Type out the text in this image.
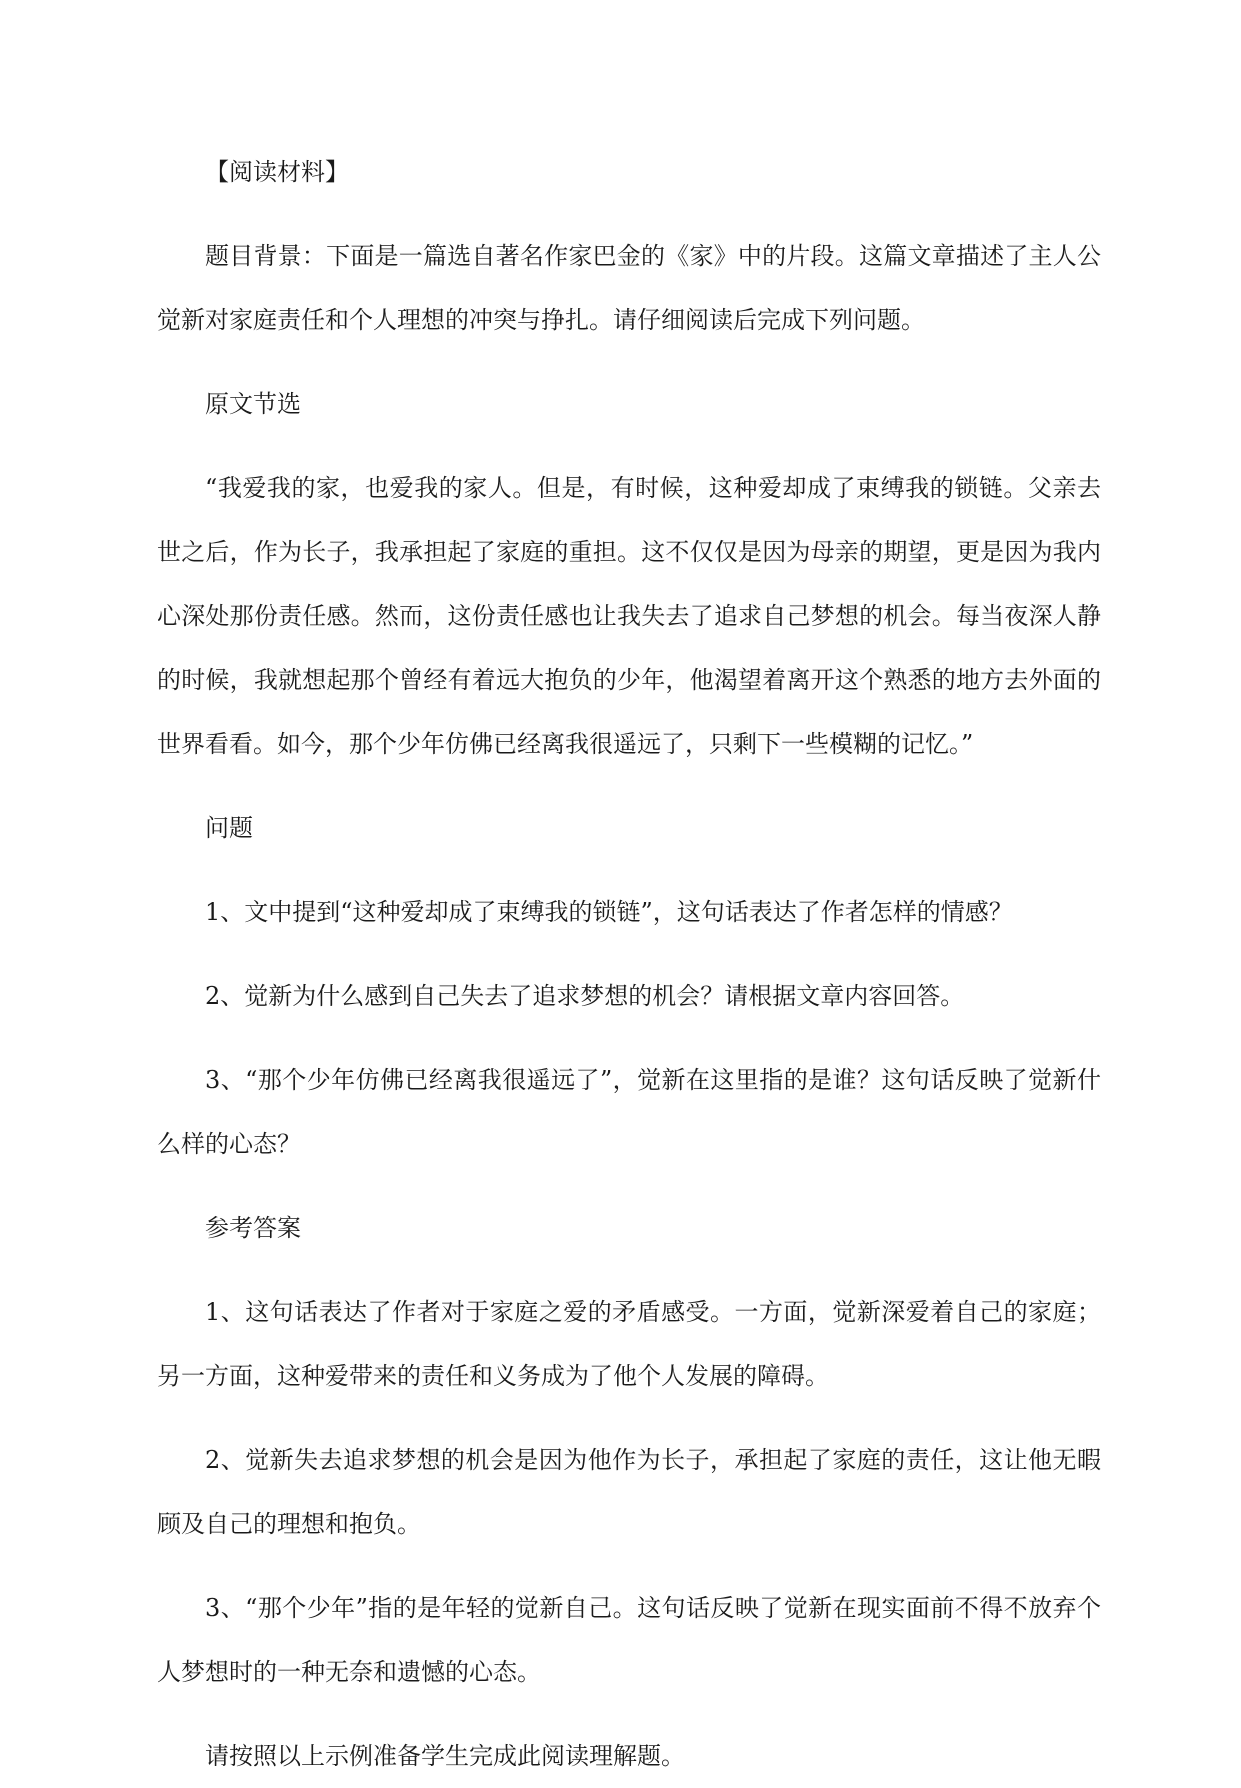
【阅读材料】

题目背景：下面是一篇选自著名作家巴金的《家》中的片段。这篇文章描述了主人公觉新对家庭责任和个人理想的冲突与挣扎。请仔细阅读后完成下列问题。

原文节选

“我爱我的家，也爱我的家人。但是，有时候，这种爱却成了束缚我的锁链。父亲去世之后，作为长子，我承担起了家庭的重担。这不仅仅是因为母亲的期望，更是因为我内心深处那份责任感。然而，这份责任感也让我失去了追求自己梦想的机会。每当夜深人静的时候，我就想起那个曾经有着远大抱负的少年，他渴望着离开这个熟悉的地方去外面的世界看看。如今，那个少年仿佛已经离我很遥远了，只剩下一些模糊的记忆。”

问题

1、文中提到“这种爱却成了束缚我的锁链”，这句话表达了作者怎样的情感？

2、觉新为什么感到自己失去了追求梦想的机会？请根据文章内容回答。

3、“那个少年仿佛已经离我很遥远了”，觉新在这里指的是谁？这句话反映了觉新什么样的心态？

参考答案

1、这句话表达了作者对于家庭之爱的矛盾感受。一方面，觉新深爱着自己的家庭；另一方面，这种爱带来的责任和义务成为了他个人发展的障碍。

2、觉新失去追求梦想的机会是因为他作为长子，承担起了家庭的责任，这让他无暇顾及自己的理想和抱负。

3、“那个少年”指的是年轻的觉新自己。这句话反映了觉新在现实面前不得不放弃个人梦想时的一种无奈和遗憾的心态。

请按照以上示例准备学生完成此阅读理解题。
